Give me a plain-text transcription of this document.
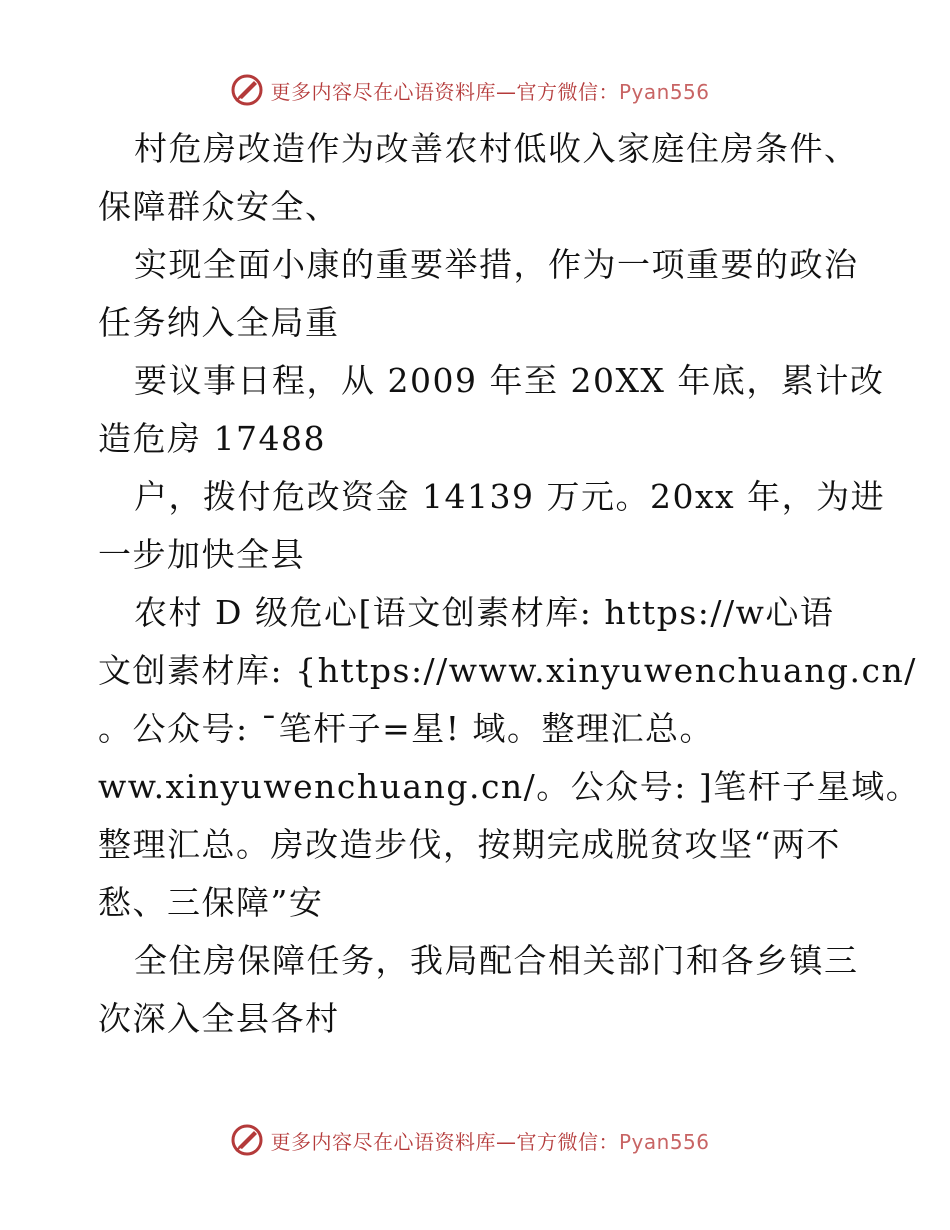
更多内容尽在心语资料库—官方微信：Pyan556

村危房改造作为改善农村低收入家庭住房条件、

保障群众安全、

实现全面小康的重要举措，作为一项重要的政治

任务纳入全局重

要议事日程，从 2009 年至 20XX 年底，累计改

造危房 17488

户，拨付危改资金 14139 万元。20xx 年，为进

一步加快全县

农村 D 级危心[语文创素材库: https://w心语

文创素材库: {https://www.xinyuwenchuang.cn/

。公众号: ¯笔杆子=星! 域。整理汇总。

ww.xinyuwenchuang.cn/。公众号: ]笔杆子星域。

整理汇总。房改造步伐，按期完成脱贫攻坚“两不

愁、三保障”安

全住房保障任务，我局配合相关部门和各乡镇三

次深入全县各村

更多内容尽在心语资料库—官方微信：Pyan556
